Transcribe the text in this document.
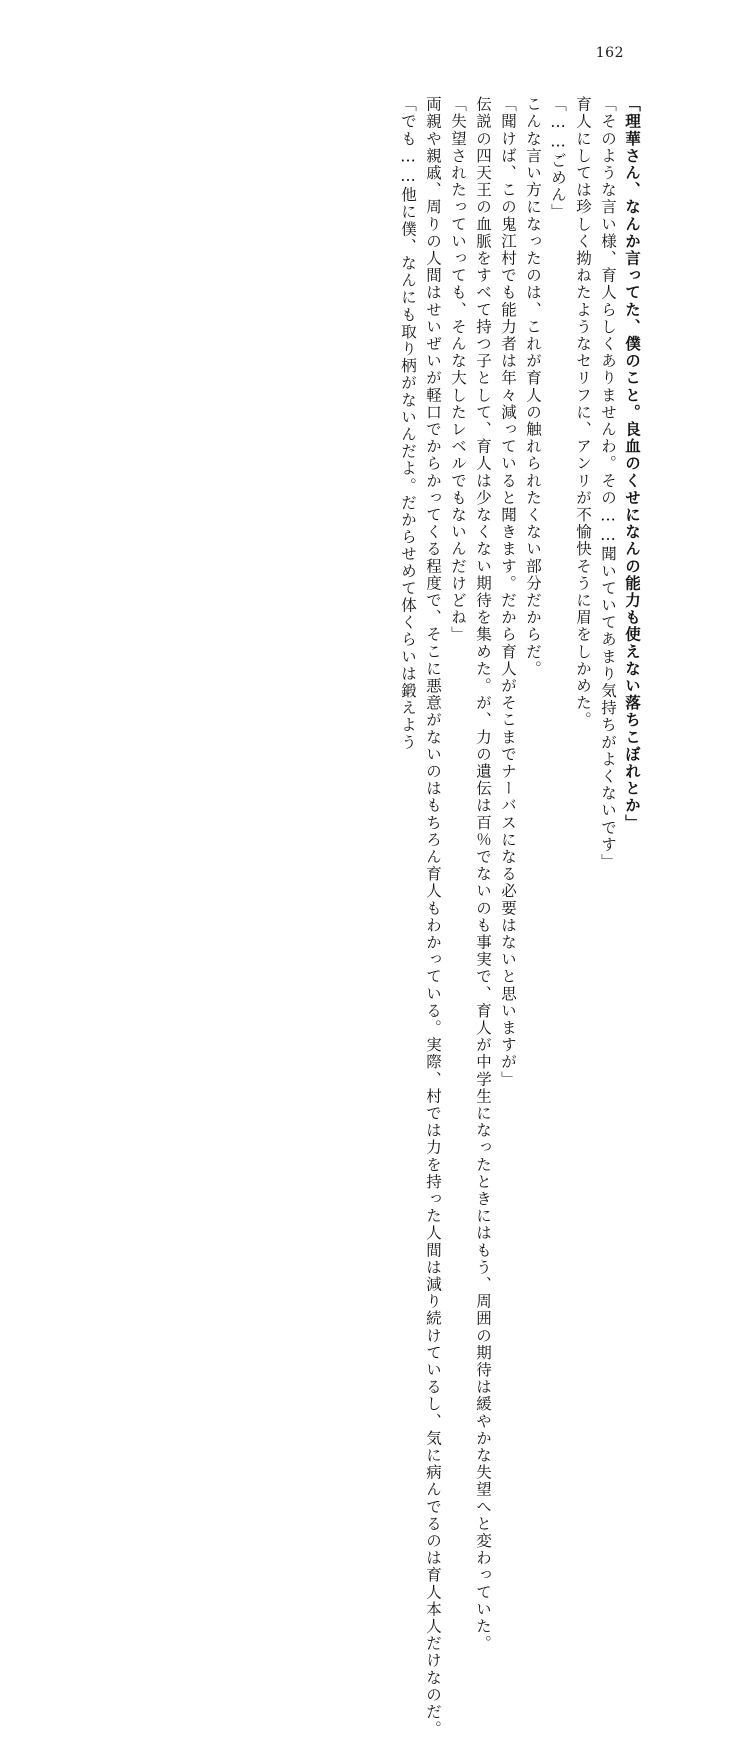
162
「理華さん、なんか言ってた、僕のこと。良血のくせになんの能力も使えない落ちこぼれとか」
「そのような言い様、育人らしくありませんわ。その……聞いていてあまり気持ちがよくないです」
育人にしては珍しく拗ねたようなセリフに、アンリが不愉快そうに眉をしかめた。
「……ごめん」
こんな言い方になったのは、これが育人の触れられたくない部分だからだ。
「聞けば、この鬼江村でも能力者は年々減っていると聞きます。だから育人がそこまでナーバスになる必要はないと思いますが」
伝説の四天王の血脈をすべて持つ子として、育人は少なくない期待を集めた。が、力の遺伝は百％でないのも事実で、育人が中学生になったときにはもう、周囲の期待は緩やかな失望へと変わっていた。
「失望されたっていっても、そんな大したレベルでもないんだけどね」
両親や親戚、周りの人間はせいぜいが軽口でからかってくる程度で、そこに悪意がないのはもちろん育人もわかっている。実際、村では力を持った人間は減り続けているし、気に病んでるのは育人本人だけなのだ。
「でも……他に僕、なんにも取り柄がないんだよ。だからせめて体くらいは鍛えよう
